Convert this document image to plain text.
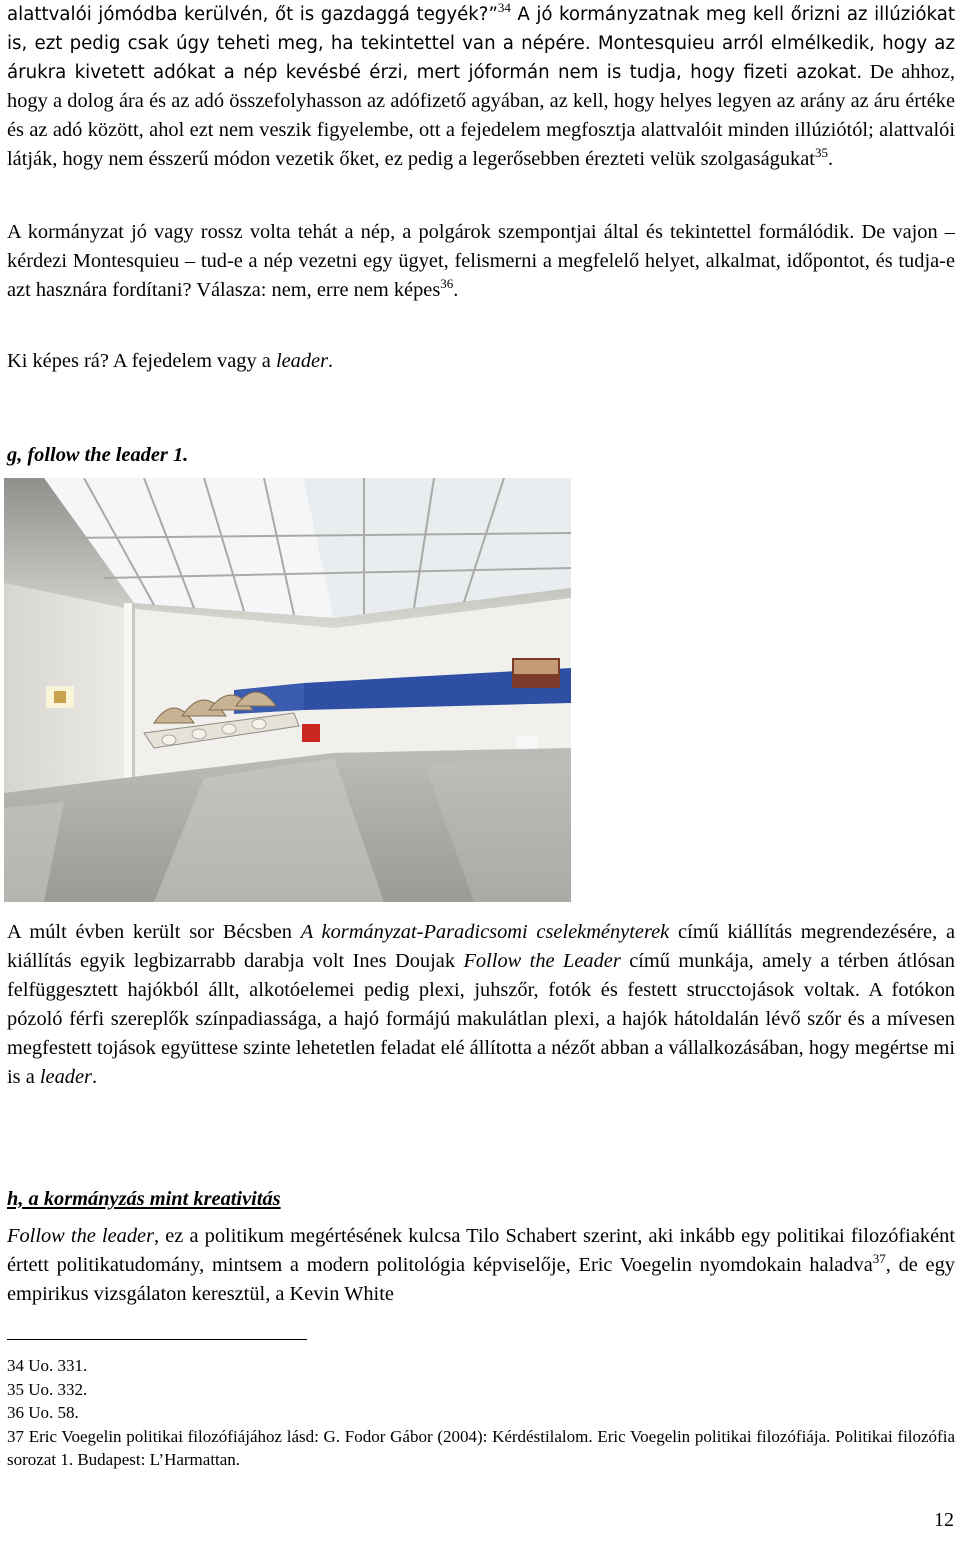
alattvalói jómódba kerülvén, őt is gazdaggá tegyék?”$^{34}$ A jó kormányzatnak meg kell őrizni az illúziókat is, ezt pedig csak úgy teheti meg, ha tekintettel van a népére. Montesquieu arról elmélkedik, hogy az árukra kivetett adókat a nép kevésbé érzi, mert jóformán nem is tudja, hogy fizeti azokat. De ahhoz, hogy a dolog ára és az adó összefolyhasson az adófizető agyában, az kell, hogy helyes legyen az arány az áru értéke és az adó között, ahol ezt nem veszik figyelembe, ott a fejedelem megfosztja alattvalóit minden illúziótól; alattvalói látják, hogy nem ésszerű módon vezetik őket, ez pedig a legerősebben érezteti velük szolgaságukat$^{35}$.

A kormányzat jó vagy rossz volta tehát a nép, a polgárok szempontjai által és tekintettel formálódik. De vajon – kérdezi Montesquieu – tud-e a nép vezetni egy ügyet, felismerni a megfelelő helyet, alkalmat, időpontot, és tudja-e azt hasznára fordítani? Válasza: nem, erre nem képes$^{36}$.

Ki képes rá? A fejedelem vagy a leader.

g, follow the leader 1.

A múlt évben került sor Bécsben A kormányzat-Paradicsomi cselekményterek című kiállítás megrendezésére, a kiállítás egyik legbizarrabb darabja volt Ines Doujak Follow the Leader című munkája, amely a térben átlósan felfüggesztett hajókból állt, alkotóelemei pedig plexi, juhszőr, fotók és festett strucctojások voltak. A fotókon pózoló férfi szereplők színpadiassága, a hajó formájú makulátlan plexi, a hajók hátoldalán lévő szőr és a mívesen megfestett tojások együttese szinte lehetetlen feladat elé állította a nézőt abban a vállalkozásában, hogy megértse mi is a leader.

h, a kormányzás mint kreativitás

Follow the leader, ez a politikum megértésének kulcsa Tilo Schabert szerint, aki inkább egy politikai filozófiaként értett politikatudomány, mintsem a modern politológia képviselője, Eric Voegelin nyomdokain haladva$^{37}$, de egy empirikus vizsgálaton keresztül, a Kevin White

34 Uo. 331.
35 Uo. 332.
36 Uo. 58.
37 Eric Voegelin politikai filozófiájához lásd: G. Fodor Gábor (2004): Kérdéstilalom. Eric Voegelin politikai filozófiája. Politikai filozófia sorozat 1. Budapest: L’Harmattan.
12
